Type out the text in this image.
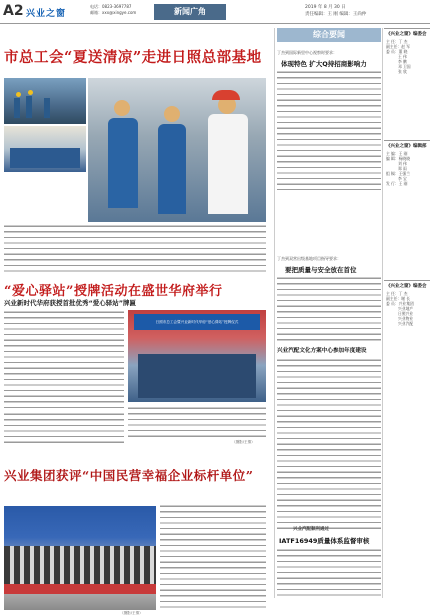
A2 兴业之窗
电话：0823-3697787
邮箱：xxx@xingye.com	新闻广角	2019 年 8 月 30 日
责任编辑：王 刚 编辑：王尚仲
市总工会“夏送清凉”走进日照总部基地
“爱心驿站”授牌活动在盛世华府举行
兴业新时代华府获授首批优秀“爱心驿站”牌匾
日照市总工会暨兴业新时代华府“爱心驿站”授牌仪式
（摄影/王倩）
兴业集团获评“中国民营幸福企业标杆单位”
（摄影/王倩）
综合要闻
丁杰到国际新里中心视察时要求：
体现特色 扩大Q持招商影响力
丁杰到双营出级基地项目指导要求：
要把质量与安全放在首位
兴业汽配文化方案中心参加年度建设
兴业汽配顺利通过
IATF16949质量体系监督审核
《兴业之窗》编委会
主 任：丁 杰
副主任：赵 军
委 员：董 晓
王 伟
李 鹏
邓 卫国
张 欣
《兴业之窗》编辑部
主 编：王 刚
编 辑：杨晓晓
刘 伟
郑 雨
组 稿：王强兰
李 宝
发 行：王 刚
《兴业之窗》编委会
主 任：丁 杰
副主任：谢 长
委 员：兴业集团
兴业地产
日照兴业
兴业物业
兴业汽配
